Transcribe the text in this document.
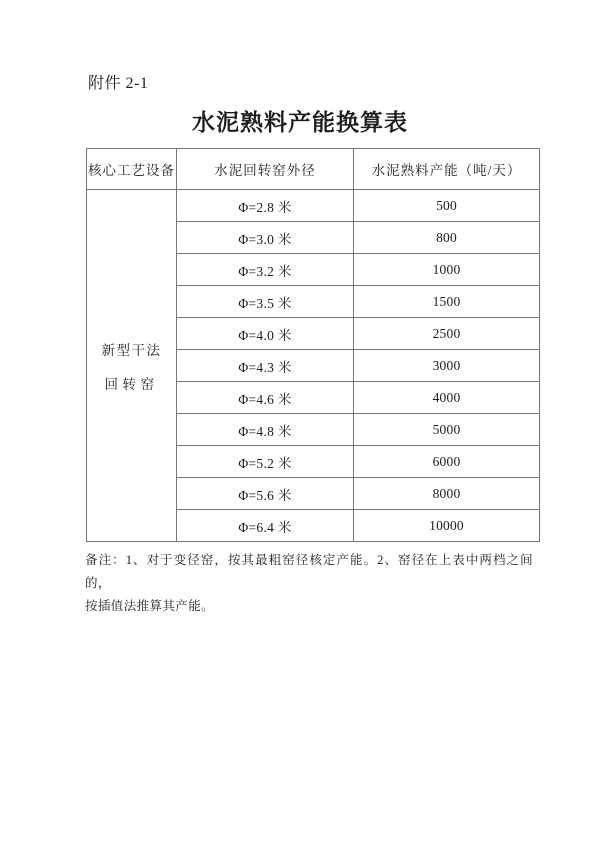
附件 2-1
水泥熟料产能换算表
核心工艺设备	水泥回转窑外径	水泥熟料产能（吨/天）

新型干法
回转窑	Φ=2.8 米	500
	Φ=3.0 米	800
	Φ=3.2 米	1000
	Φ=3.5 米	1500
	Φ=4.0 米	2500
	Φ=4.3 米	3000
	Φ=4.6 米	4000
	Φ=4.8 米	5000
	Φ=5.2 米	6000
	Φ=5.6 米	8000
	Φ=6.4 米	10000
备注：1、对于变径窑，按其最粗窑径核定产能。2、窑径在上表中两档之间的，
按插值法推算其产能。
